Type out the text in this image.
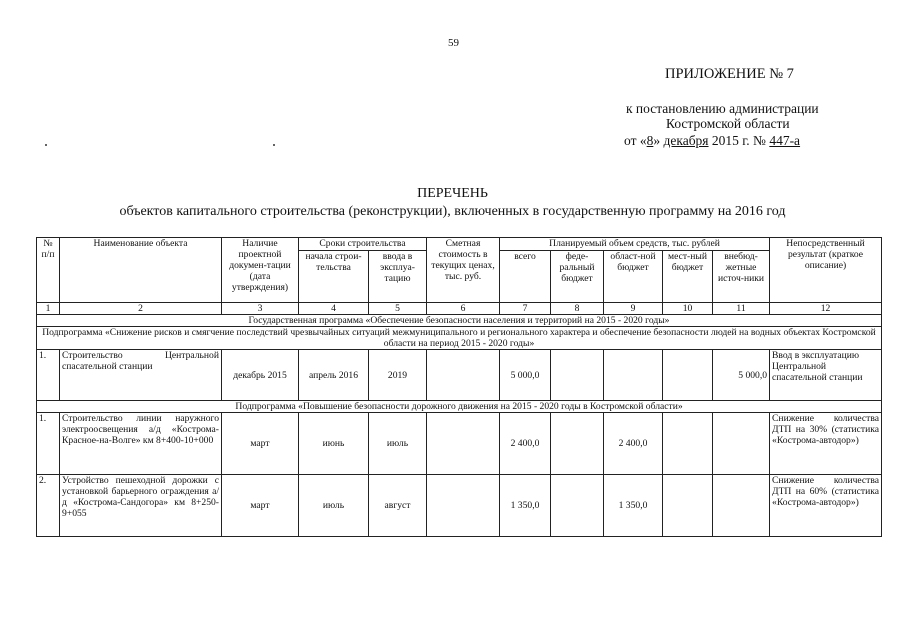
59
ПРИЛОЖЕНИЕ № 7
к постановлению администрации
Костромской области
от «8» декабря 2015 г. № 447-а
ПЕРЕЧЕНЬ
объектов капитального строительства (реконструкции), включенных в государственную программу на 2016 год
№ п/п	Наименование объекта	Наличие проектной докумен-тации (дата утверждения)	Сроки строительства		Сметная стоимость в текущих ценах, тыс. руб.	Планируемый объем средств, тыс. рублей					Непосредственный результат (краткое описание)
			начала строи-тельства	ввода в эксплуа-тацию		всего	феде-ральный бюджет	област-ной бюджет	мест-ный бюджет	внебюд-жетные источ-ники	
1	2	3	4	5	6	7	8	9	10	11	12
Государственная программа «Обеспечение безопасности населения и территорий на 2015 - 2020 годы»											
Подпрограмма «Снижение рисков и смягчение последствий чрезвычайных ситуаций межмуниципального и регионального характера и обеспечение безопасности людей на водных объектах Костромской области на период 2015 - 2020 годы»											
1.	Строительство Центральной спасательной станции	декабрь 2015	апрель 2016	2019		5 000,0				5 000,0	Ввод в эксплуатацию Центральной спасательной станции
Подпрограмма «Повышение безопасности дорожного движения на 2015 - 2020 годы в Костромской области»											
1.	Строительство линии наружного электроосвещения а/д «Кострома-Красное-на-Волге» км 8+400-10+000	март	июнь	июль		2 400,0		2 400,0			Снижение количества ДТП на 30% (статистика «Кострома-автодор»)
2.	Устройство пешеходной дорожки с установкой барьерного ограждения а/д «Кострома-Сандогора» км 8+250-9+055	март	июль	август		1 350,0		1 350,0			Снижение количества ДТП на 60% (статистика «Кострома-автодор»)
